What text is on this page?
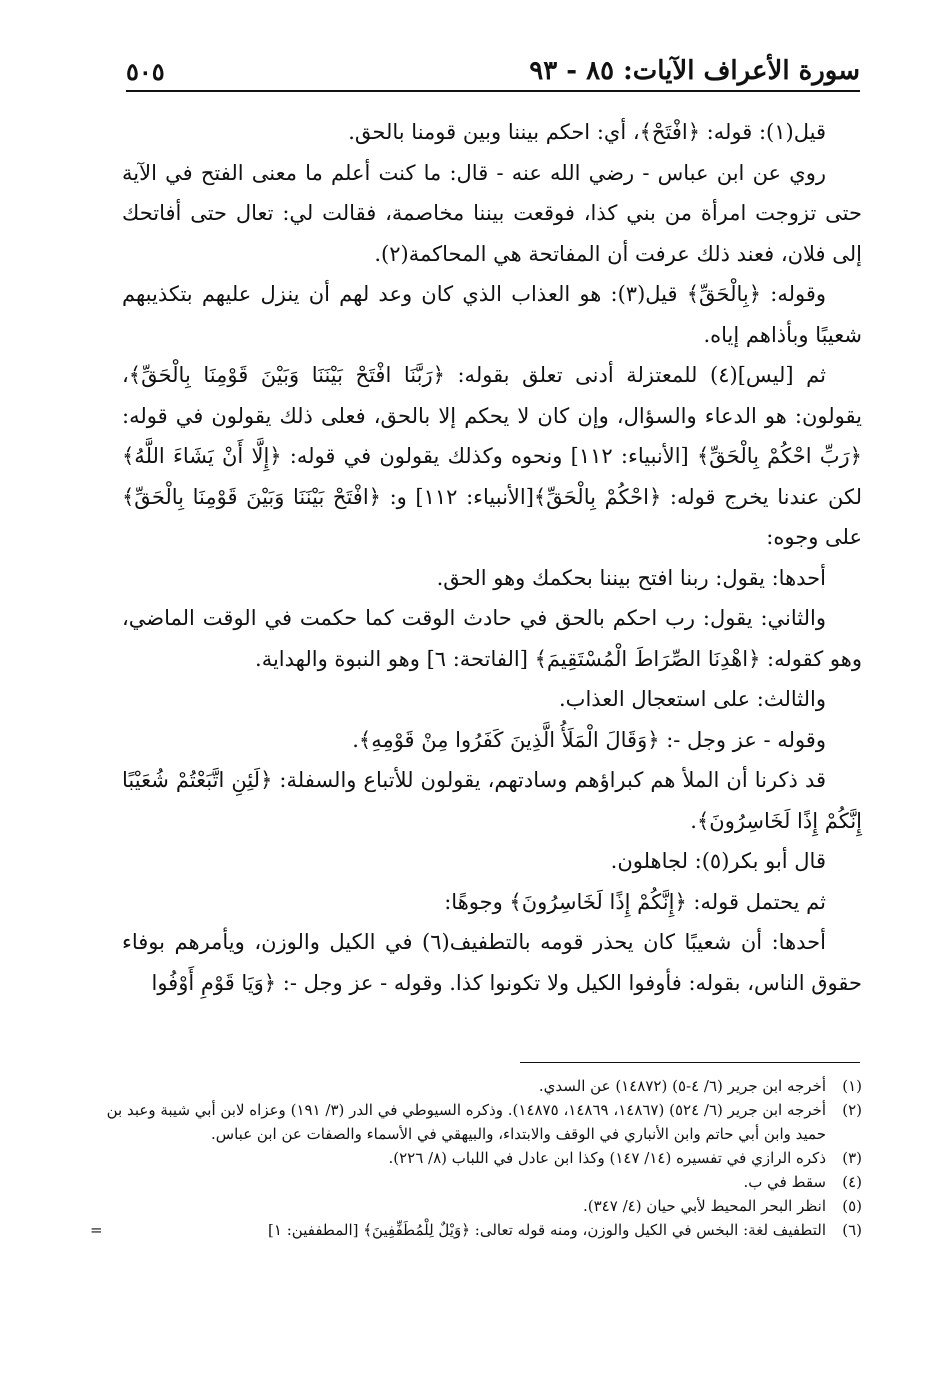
سورة الأعراف الآيات: ٨٥ - ٩٣
٥٠٥

قيل(١): قوله: ﴿افْتَحْ﴾، أي: احكم بيننا وبين قومنا بالحق.

روي عن ابن عباس - رضي الله عنه - قال: ما كنت أعلم ما معنى الفتح في الآية حتى تزوجت امرأة من بني كذا، فوقعت بيننا مخاصمة، فقالت لي: تعال حتى أفاتحك إلى فلان، فعند ذلك عرفت أن المفاتحة هي المحاكمة(٢).

وقوله: ﴿بِالْحَقِّ﴾ قيل(٣): هو العذاب الذي كان وعد لهم أن ينزل عليهم بتكذيبهم شعيبًا وبأذاهم إياه.

ثم [ليس](٤) للمعتزلة أدنى تعلق بقوله: ﴿رَبَّنَا افْتَحْ بَيْنَنَا وَبَيْنَ قَوْمِنَا بِالْحَقِّ﴾، يقولون: هو الدعاء والسؤال، وإن كان لا يحكم إلا بالحق، فعلى ذلك يقولون في قوله: ﴿رَبِّ احْكُمْ بِالْحَقِّ﴾ [الأنبياء: ١١٢] ونحوه وكذلك يقولون في قوله: ﴿إِلَّا أَنْ يَشَاءَ اللَّهُ﴾ لكن عندنا يخرج قوله: ﴿احْكُمْ بِالْحَقِّ﴾[الأنبياء: ١١٢] و: ﴿افْتَحْ بَيْنَنَا وَبَيْنَ قَوْمِنَا بِالْحَقِّ﴾ على وجوه:

أحدها: يقول: ربنا افتح بيننا بحكمك وهو الحق.

والثاني: يقول: رب احكم بالحق في حادث الوقت كما حكمت في الوقت الماضي، وهو كقوله: ﴿اهْدِنَا الصِّرَاطَ الْمُسْتَقِيمَ﴾ [الفاتحة: ٦] وهو النبوة والهداية.

والثالث: على استعجال العذاب.

وقوله - عز وجل -: ﴿وَقَالَ الْمَلَأُ الَّذِينَ كَفَرُوا مِنْ قَوْمِهِ﴾.

قد ذكرنا أن الملأ هم كبراؤهم وسادتهم، يقولون للأتباع والسفلة: ﴿لَئِنِ اتَّبَعْتُمْ شُعَيْبًا إِنَّكُمْ إِذًا لَخَاسِرُونَ﴾.

قال أبو بكر(٥): لجاهلون.

ثم يحتمل قوله: ﴿إِنَّكُمْ إِذًا لَخَاسِرُونَ﴾ وجوهًا:

أحدها: أن شعيبًا كان يحذر قومه بالتطفيف(٦) في الكيل والوزن، ويأمرهم بوفاء حقوق الناس، بقوله: فأوفوا الكيل ولا تكونوا كذا. وقوله - عز وجل -: ﴿وَيَا قَوْمِ أَوْفُوا

(١)
أخرجه ابن جرير (٦/ ٤-٥) (١٤٨٧٢) عن السدي.
(٢)
أخرجه ابن جرير (٦/ ٥٢٤) (١٤٨٦٧، ١٤٨٦٩، ١٤٨٧٥). وذكره السيوطي في الدر (٣/ ١٩١) وعزاه لابن أبي شيبة وعبد بن حميد وابن أبي حاتم وابن الأنباري في الوقف والابتداء، والبيهقي في الأسماء والصفات عن ابن عباس.
(٣)
ذكره الرازي في تفسيره (١٤/ ١٤٧) وكذا ابن عادل في اللباب (٨/ ٢٢٦).
(٤)
سقط في ب.
(٥)
انظر البحر المحيط لأبي حيان (٤/ ٣٤٧).
(٦)
التطفيف لغة: البخس في الكيل والوزن، ومنه قوله تعالى: ﴿وَيْلٌ لِلْمُطَفِّفِينَ﴾ [المطففين: ١]
=
